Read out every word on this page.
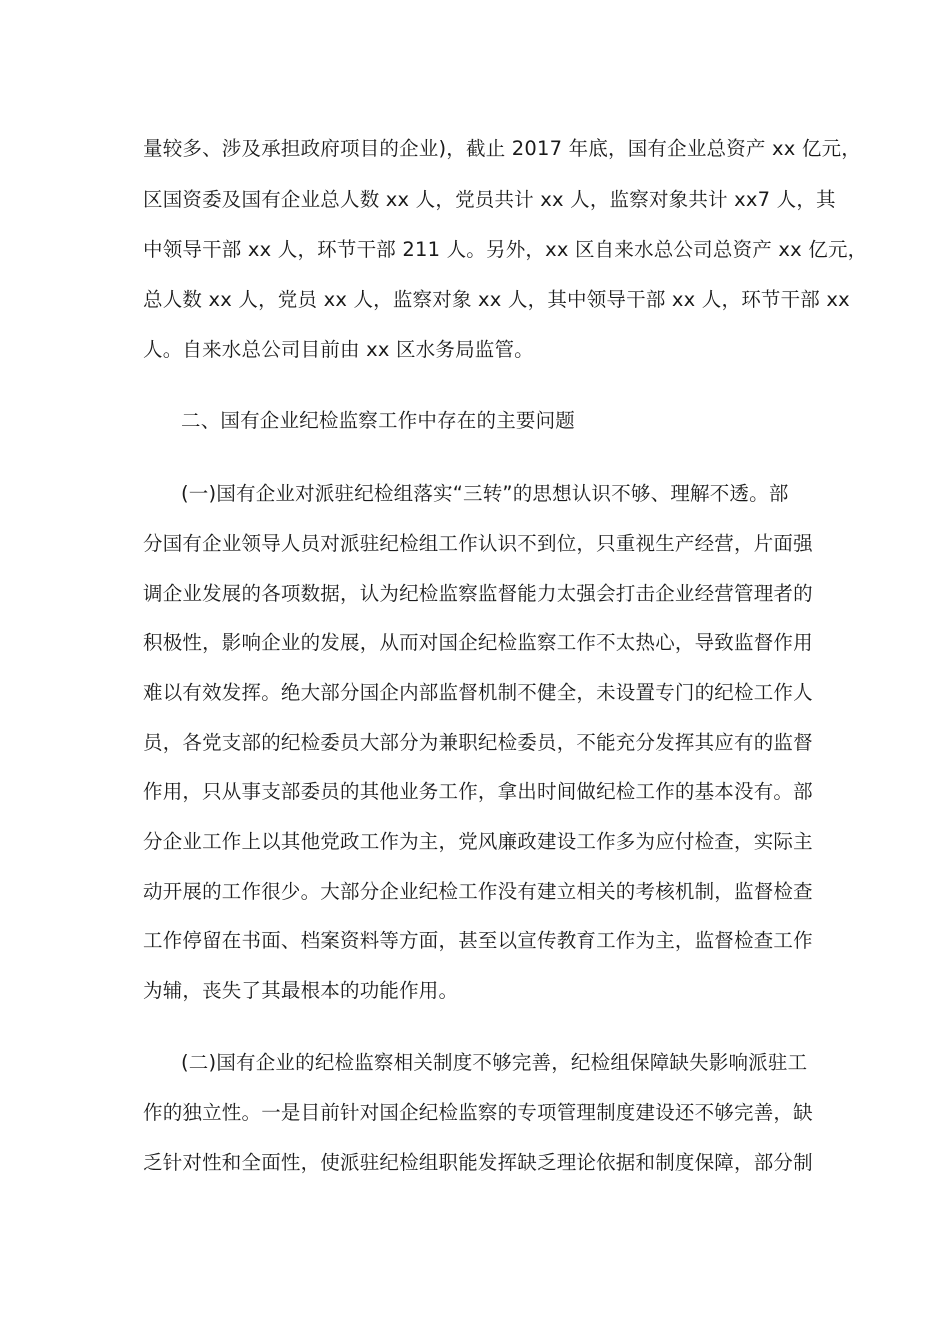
量较多、涉及承担政府项目的企业)，截止 2017 年底，国有企业总资产 xx 亿元，
区国资委及国有企业总人数 xx 人，党员共计 xx 人，监察对象共计 xx7 人，其
中领导干部 xx 人，环节干部 211 人。另外，xx 区自来水总公司总资产 xx 亿元，
总人数 xx 人，党员 xx 人，监察对象 xx 人，其中领导干部 xx 人，环节干部 xx
人。自来水总公司目前由 xx 区水务局监管。
二、国有企业纪检监察工作中存在的主要问题
(一)国有企业对派驻纪检组落实“三转”的思想认识不够、理解不透。部
分国有企业领导人员对派驻纪检组工作认识不到位，只重视生产经营，片面强
调企业发展的各项数据，认为纪检监察监督能力太强会打击企业经营管理者的
积极性，影响企业的发展，从而对国企纪检监察工作不太热心，导致监督作用
难以有效发挥。绝大部分国企内部监督机制不健全，未设置专门的纪检工作人
员，各党支部的纪检委员大部分为兼职纪检委员，不能充分发挥其应有的监督
作用，只从事支部委员的其他业务工作，拿出时间做纪检工作的基本没有。部
分企业工作上以其他党政工作为主，党风廉政建设工作多为应付检查，实际主
动开展的工作很少。大部分企业纪检工作没有建立相关的考核机制，监督检查
工作停留在书面、档案资料等方面，甚至以宣传教育工作为主，监督检查工作
为辅，丧失了其最根本的功能作用。
(二)国有企业的纪检监察相关制度不够完善，纪检组保障缺失影响派驻工
作的独立性。一是目前针对国企纪检监察的专项管理制度建设还不够完善，缺
乏针对性和全面性，使派驻纪检组职能发挥缺乏理论依据和制度保障，部分制
